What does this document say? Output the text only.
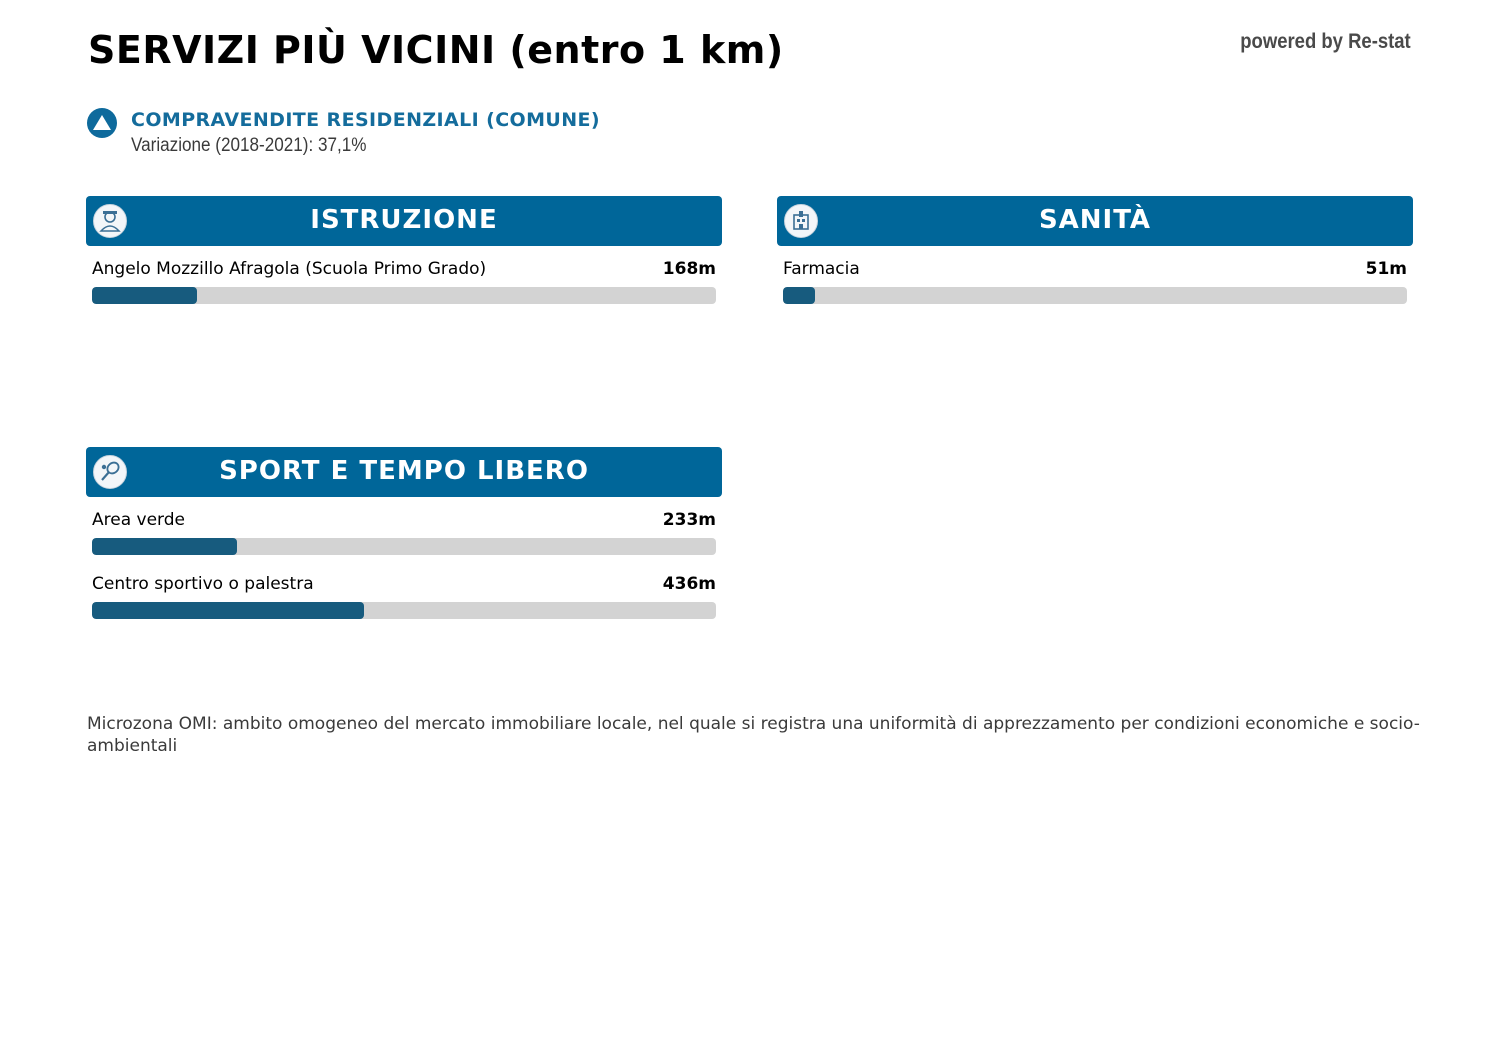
SERVIZI PIÙ VICINI (entro 1 km)	powered by Re-stat
COMPRAVENDITE RESIDENZIALI (COMUNE)
Variazione (2018-2021): 37,1%
ISTRUZIONE
Angelo Mozzillo Afragola (Scuola Primo Grado)	168m
SANITÀ
Farmacia	51m
SPORT E TEMPO LIBERO
Area verde	233m
Centro sportivo o palestra	436m
Microzona OMI: ambito omogeneo del mercato immobiliare locale, nel quale si registra una uniformità di apprezzamento per condizioni economiche e socio-ambientali
